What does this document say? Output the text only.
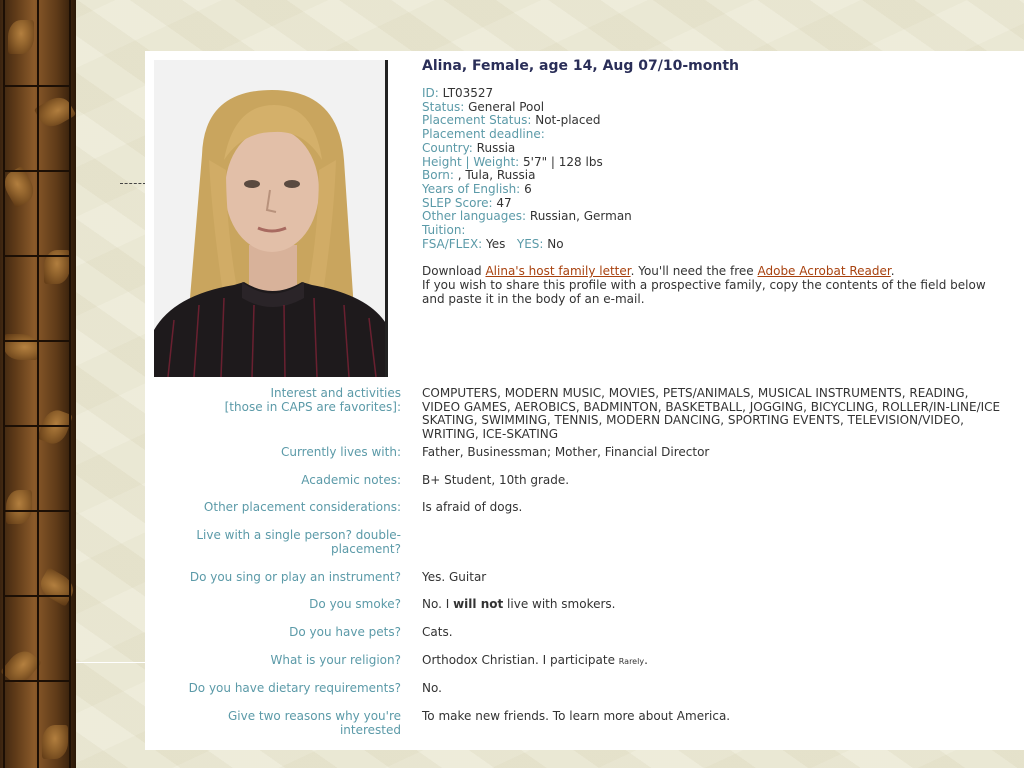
Alina, Female, age 14, Aug 07/10-month
ID: LT03527
Status: General Pool
Placement Status: Not-placed
Placement deadline:
Country: Russia
Height | Weight: 5'7" | 128 lbs
Born: , Tula, Russia
Years of English: 6
SLEP Score: 47
Other languages: Russian, German
Tuition:
FSA/FLEX: Yes YES: No
Download Alina's host family letter. You'll need the free Adobe Acrobat Reader.
If you wish to share this profile with a prospective family, copy the contents of the field below and paste it in the body of an e-mail.
Interest and activities
[those in CAPS are favorites]:	COMPUTERS, MODERN MUSIC, MOVIES, PETS/ANIMALS, MUSICAL INSTRUMENTS, READING, VIDEO GAMES, AEROBICS, BADMINTON, BASKETBALL, JOGGING, BICYCLING, ROLLER/IN-LINE/ICE SKATING, SWIMMING, TENNIS, MODERN DANCING, SPORTING EVENTS, TELEVISION/VIDEO, WRITING, ICE-SKATING
Currently lives with:	Father, Businessman; Mother, Financial Director
Academic notes:	B+ Student, 10th grade.
Other placement considerations:	Is afraid of dogs.
Live with a single person? double-placement?	
Do you sing or play an instrument?	Yes. Guitar
Do you smoke?	No. I will not live with smokers.
Do you have pets?	Cats.
What is your religion?	Orthodox Christian. I participate Rarely.
Do you have dietary requirements?	No.
Give two reasons why you're interested	To make new friends. To learn more about America.
